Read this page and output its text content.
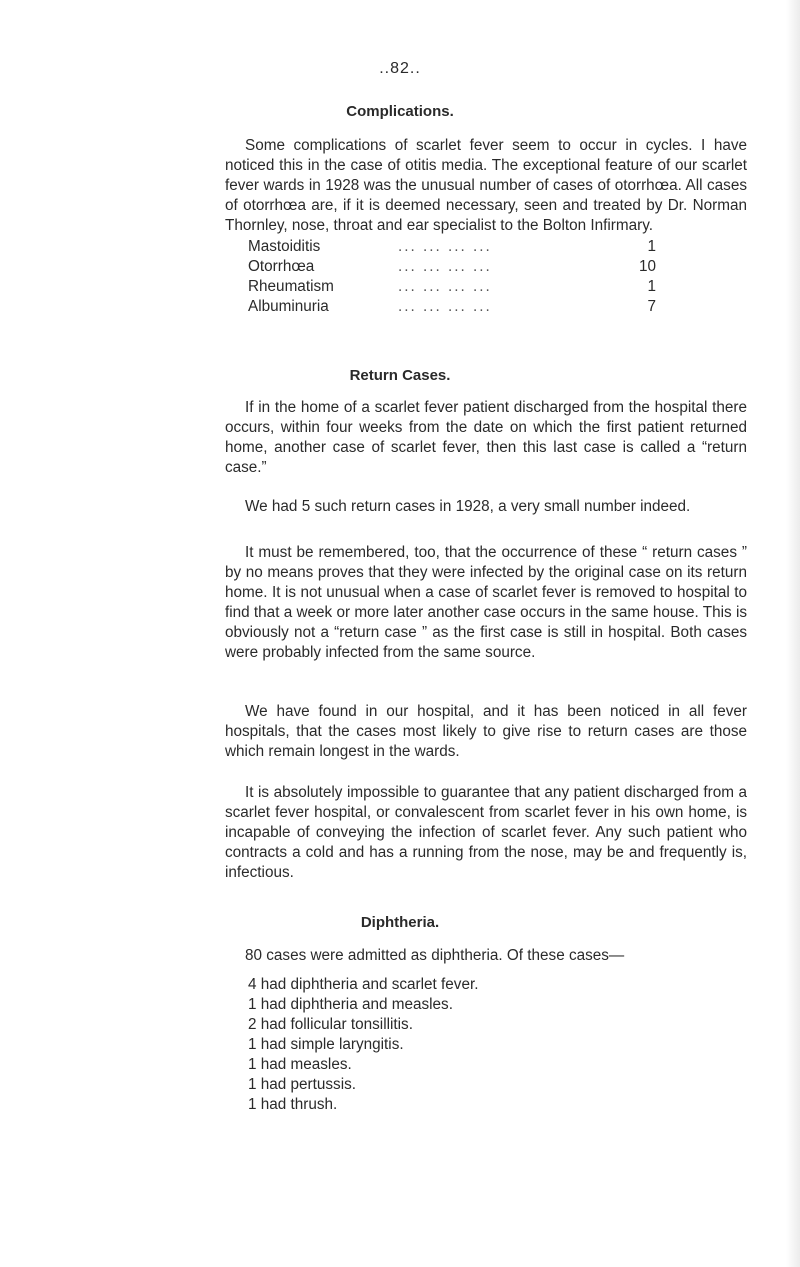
..82..
Complications.

Some complications of scarlet fever seem to occur in cycles. I have noticed this in the case of otitis media. The exceptional feature of our scarlet fever wards in 1928 was the unusual number of cases of otorrhœa. All cases of otorrhœa are, if it is deemed necessary, seen and treated by Dr. Norman Thornley, nose, throat and ear specialist to the Bolton Infirmary.

Mastoiditis	... ... ... ...	1
Otorrhœa	... ... ... ...	10
Rheumatism	... ... ... ...	1
Albuminuria	... ... ... ...	7
Return Cases.

If in the home of a scarlet fever patient discharged from the hospital there occurs, within four weeks from the date on which the first patient returned home, another case of scarlet fever, then this last case is called a “return case.”

We had 5 such return cases in 1928, a very small number indeed.

It must be remembered, too, that the occurrence of these “ return cases ” by no means proves that they were infected by the original case on its return home. It is not unusual when a case of scarlet fever is removed to hospital to find that a week or more later another case occurs in the same house. This is obviously not a “return case ” as the first case is still in hospital. Both cases were probably infected from the same source.

We have found in our hospital, and it has been noticed in all fever hospitals, that the cases most likely to give rise to return cases are those which remain longest in the wards.

It is absolutely impossible to guarantee that any patient discharged from a scarlet fever hospital, or convalescent from scarlet fever in his own home, is incapable of conveying the infection of scarlet fever. Any such patient who contracts a cold and has a running from the nose, may be and frequently is, infectious.

Diphtheria.

80 cases were admitted as diphtheria. Of these cases—

4 had diphtheria and scarlet fever.
1 had diphtheria and measles.
2 had follicular tonsillitis.
1 had simple laryngitis.
1 had measles.
1 had pertussis.
1 had thrush.
